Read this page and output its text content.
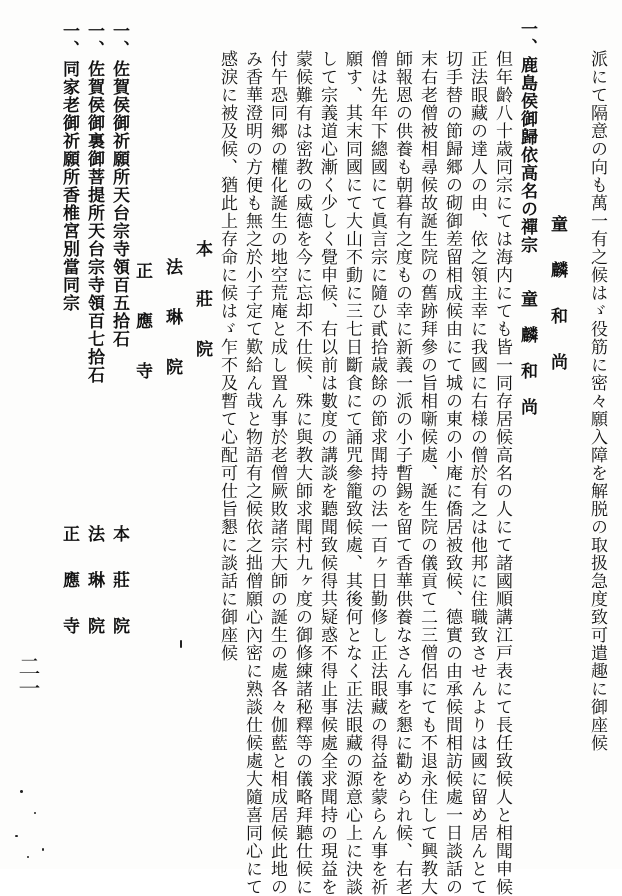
派にて隔意の向も萬一有之候はゞ役筋に密々願入障を解脱の取扱急度致可遣趣に御座候
童　麟　和　尚
一、鹿島侯御歸依高名の禪宗　　童　麟　和　尚
但年齡八十歳同宗にては海内にても皆一同存居候高名の人にて諸國順講江戸表にて長任致候人と相聞申候
正法眼藏の達人の由、依之領主幸に我國に右様の僧於有之は他邦に住職致させんよりは國に留め居んとて
切手替の節歸郷の砌御差留相成候由にて城の東の小庵に僑居被致候、德實の由承候間相訪候處一日談話の
末右老僧被相尋候故誕生院の舊跡拜參の旨相噺候處、誕生院の儀貢て二三僧侶にても不退永住して興教大
師報恩の供養も朝暮有之度もの幸に新義一派の小子暫錫を留て香華供養なさん事を懇に勸められ候、右老
僧は先年下總國にて眞言宗に隨ひ貳拾歳餘の節求聞持の法一百ヶ日勤修し正法眼藏の得益を蒙らん事を祈
願す、其末同國にて大山不動に三七日斷食にて誦咒參籠致候處、其後何となく正法眼藏の源意心上に決談
して宗義道心漸く少しく覺申候、右以前は數度の講談を聽聞致候得共疑惑不得止事候處全求聞持の現益を
蒙候難有は密教の威德を今に忘却不仕候、殊に與教大師求聞村九ヶ度の御修練諸秘釋等の儀略拜聽仕候に
付午恐同郷の權化誕生の地空荒庵と成し置ん事於老僧厥敗諸宗大師の誕生の處各々伽藍と相成居候此地の
み香華澄明の方便も無之於小子定て歎給ん哉と物語有之候依之拙僧願心內密に熟談仕候處大隨喜同心にて
感淚に被及候、猶此上存命に候はゞ乍不及暫て心配可仕旨懇に談話に御座候
本　莊　院
法　琳　院
正　應　寺
一、
佐賀侯御祈願所天台宗寺領百五拾石
本　莊　院
一、
佐賀侯御裏御菩提所天台宗寺領百七拾石
法　琳　院
一、
同家老御祈願所香椎宮別當同宗
正　應　寺
二一
